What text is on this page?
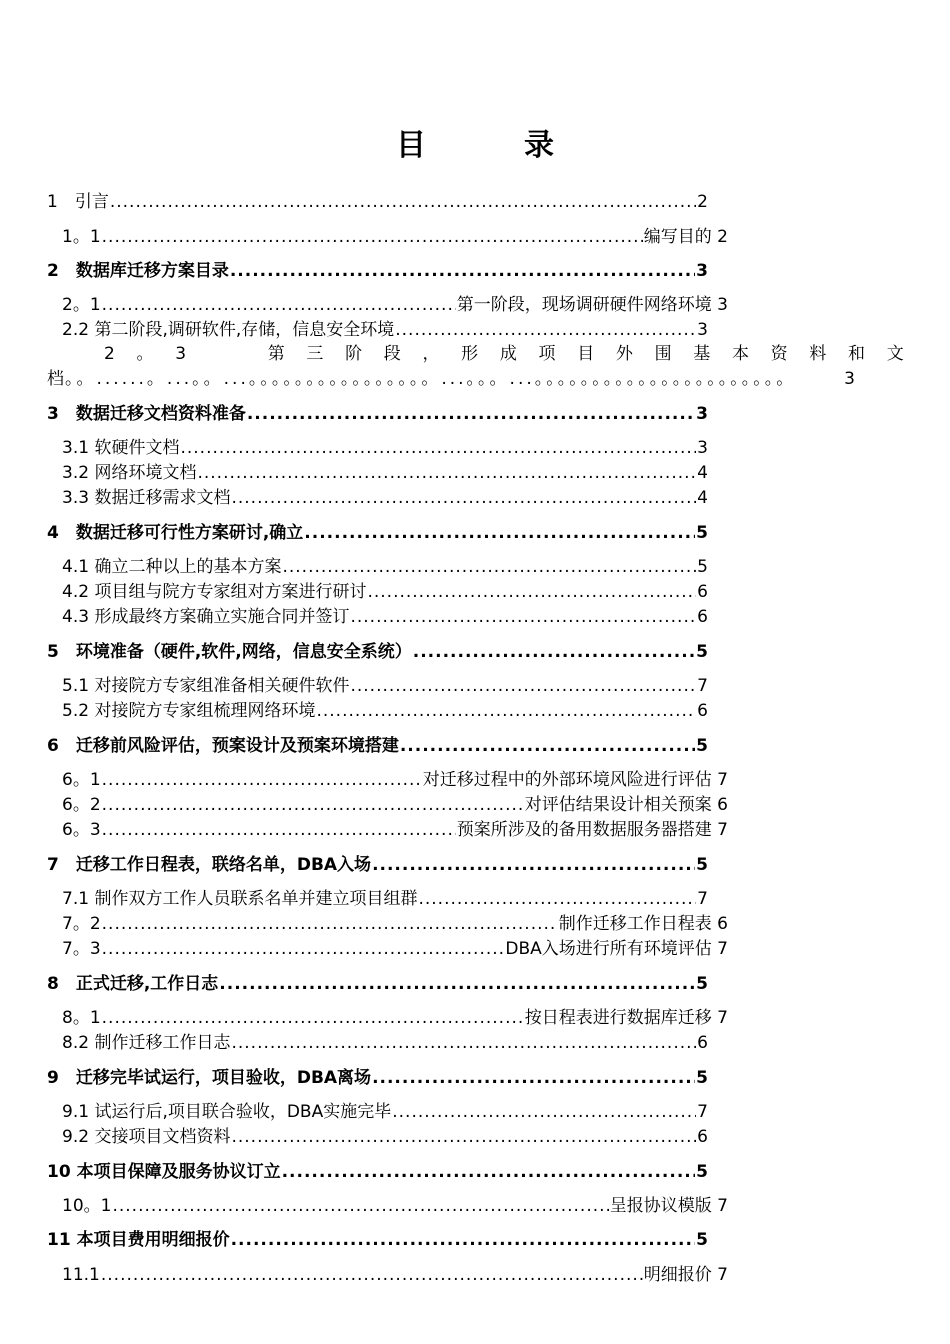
目　录
1　引言 .....	2
1。1 .....	编写目的 2
2　数据库迁移方案目录 .....	3
2。1 .....	第一阶段，现场调研硬件网络环境 3
2.2 第二阶段,调研软件,存储，信息安全环境 .....	3
2 。 3	第 三 阶 段 ， 形 成 项 目 外 围 基 本 资 料 和 文
档 。。......。...。。...。。。。。。。。。。。。。。。。...。。。...。。。。。。。。。。。。。。。。。。。。。。	3
3　数据迁移文档资料准备 .....	3
3.1 软硬件文档 .....	3
3.2 网络环境文档 .....	4
3.3 数据迁移需求文档 .....	4
4　数据迁移可行性方案研讨,确立 .....	5
4.1 确立二种以上的基本方案 .....	5
4.2 项目组与院方专家组对方案进行研讨 .....	6
4.3 形成最终方案确立实施合同并签订 .....	6
5　环境准备（硬件,软件,网络，信息安全系统） .....	5
5.1 对接院方专家组准备相关硬件软件 .....	7
5.2 对接院方专家组梳理网络环境 .....	6
6　迁移前风险评估，预案设计及预案环境搭建 .....	5
6。1 .....	对迁移过程中的外部环境风险进行评估 7
6。2 .....	对评估结果设计相关预案 6
6。3 .....	预案所涉及的备用数据服务器搭建 7
7　迁移工作日程表，联络名单，DBA入场 .....	5
7.1 制作双方工作人员联系名单并建立项目组群 .....	7
7。2 .....	制作迁移工作日程表 6
7。3 .....	DBA入场进行所有环境评估 7
8　正式迁移,工作日志 .....	5
8。1 .....	按日程表进行数据库迁移 7
8.2 制作迁移工作日志 .....	6
9　迁移完毕试运行，项目验收，DBA离场 .....	5
9.1 试运行后,项目联合验收，DBA实施完毕 .....	7
9.2 交接项目文档资料 .....	6
10 本项目保障及服务协议订立 .....	5
10。1 .....	呈报协议模版 7
11 本项目费用明细报价 .....	5
11.1 .....	明细报价 7
